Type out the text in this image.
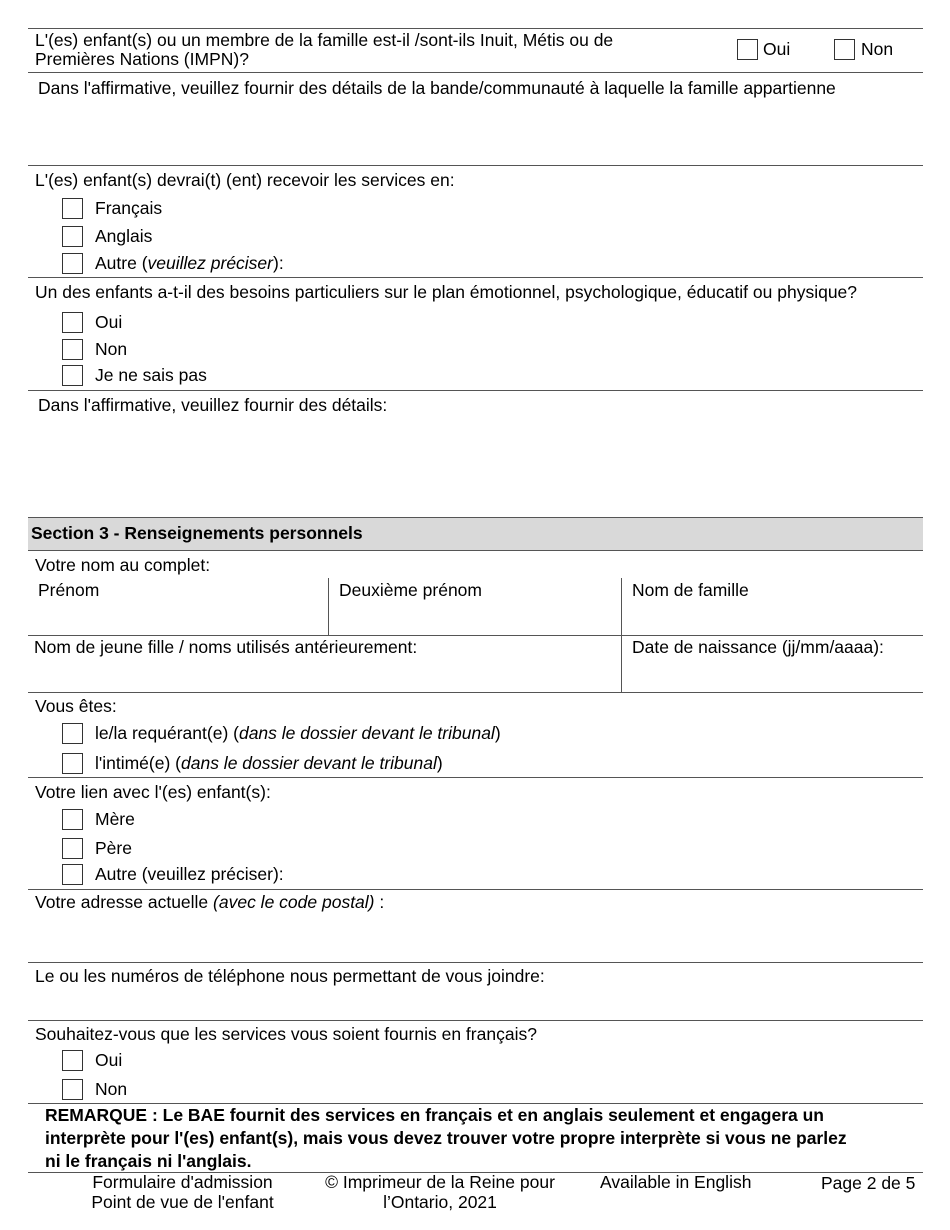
L'(es) enfant(s) ou un membre de la famille est-il /sont-ils Inuit, Métis ou de
Premières Nations (IMPN)?	Oui	Non
Dans l'affirmative, veuillez fournir des détails de la bande/communauté à laquelle la famille appartienne
L'(es) enfant(s) devrai(t) (ent) recevoir les services en:
Français
Anglais
Autre (veuillez préciser):
Un des enfants a-t-il des besoins particuliers sur le plan émotionnel, psychologique, éducatif ou physique?
Oui
Non
Je ne sais pas
Dans l'affirmative, veuillez fournir des détails:
Section 3 - Renseignements personnels
Votre nom au complet:
Prénom	Deuxième prénom	Nom de famille
Nom de jeune fille / noms utilisés antérieurement:	Date de naissance (jj/mm/aaaa):
Vous êtes:
le/la requérant(e) (dans le dossier devant le tribunal)
l'intimé(e) (dans le dossier devant le tribunal)
Votre lien avec l'(es) enfant(s):
Mère
Père
Autre (veuillez préciser):
Votre adresse actuelle (avec le code postal) :
Le ou les numéros de téléphone nous permettant de vous joindre:
Souhaitez-vous que les services vous soient fournis en français?
Oui
Non
REMARQUE : Le BAE fournit des services en français et en anglais seulement et engagera un
interprète pour l'(es) enfant(s), mais vous devez trouver votre propre interprète si vous ne parlez
ni le français ni l'anglais.
Formulaire d'admission
Point de vue de l'enfant
© Imprimeur de la Reine pour
l’Ontario, 2021
Available in English	Page 2 de 5
